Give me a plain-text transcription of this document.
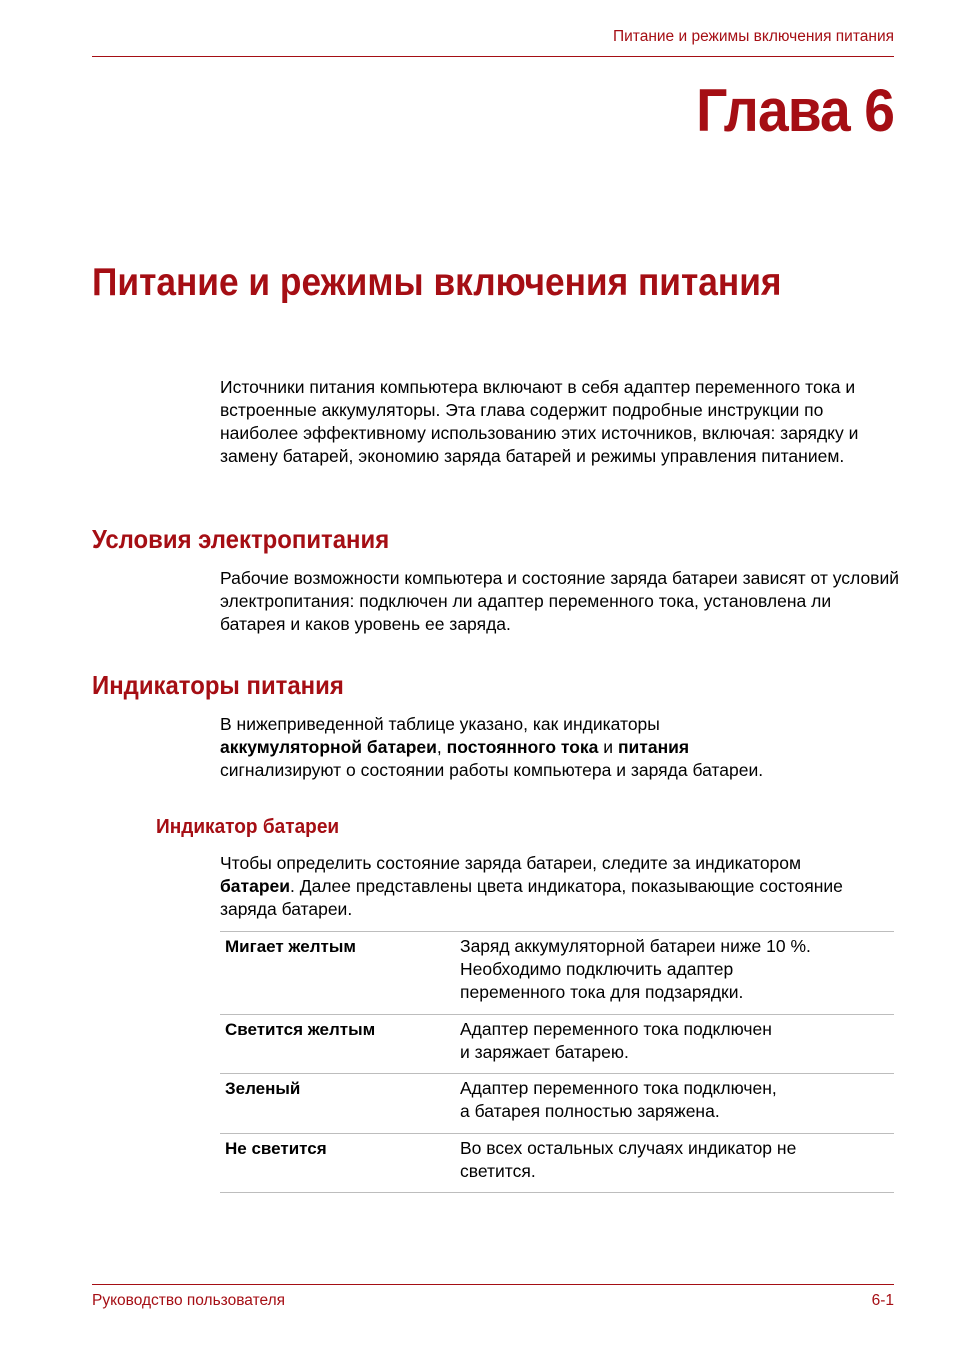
Питание и режимы включения питания
Глава 6
Питание и режимы включения питания

Источники питания компьютера включают в себя адаптер переменного тока и встроенные аккумуляторы. Эта глава содержит подробные инструкции по наиболее эффективному использованию этих источников, включая: зарядку и замену батарей, экономию заряда батарей и режимы управления питанием.

Условия электропитания

Рабочие возможности компьютера и состояние заряда батареи зависят от условий электропитания: подключен ли адаптер переменного тока, установлена ли батарея и каков уровень ее заряда.

Индикаторы питания

В нижеприведенной таблице указано, как индикаторы
аккумуляторной батареи, постоянного тока и питания
сигнализируют о состоянии работы компьютера и заряда батареи.

Индикатор батареи

Чтобы определить состояние заряда батареи, следите за индикатором
батареи. Далее представлены цвета индикатора, показывающие состояние заряда батареи.

Мигает желтым	Заряд аккумуляторной батареи ниже 10 %.
Необходимо подключить адаптер
переменного тока для подзарядки.
Светится желтым	Адаптер переменного тока подключен
и заряжает батарею.
Зеленый	Адаптер переменного тока подключен,
а батарея полностью заряжена.
Не светится	Во всех остальных случаях индикатор не
светится.
Руководство пользователя	6-1
